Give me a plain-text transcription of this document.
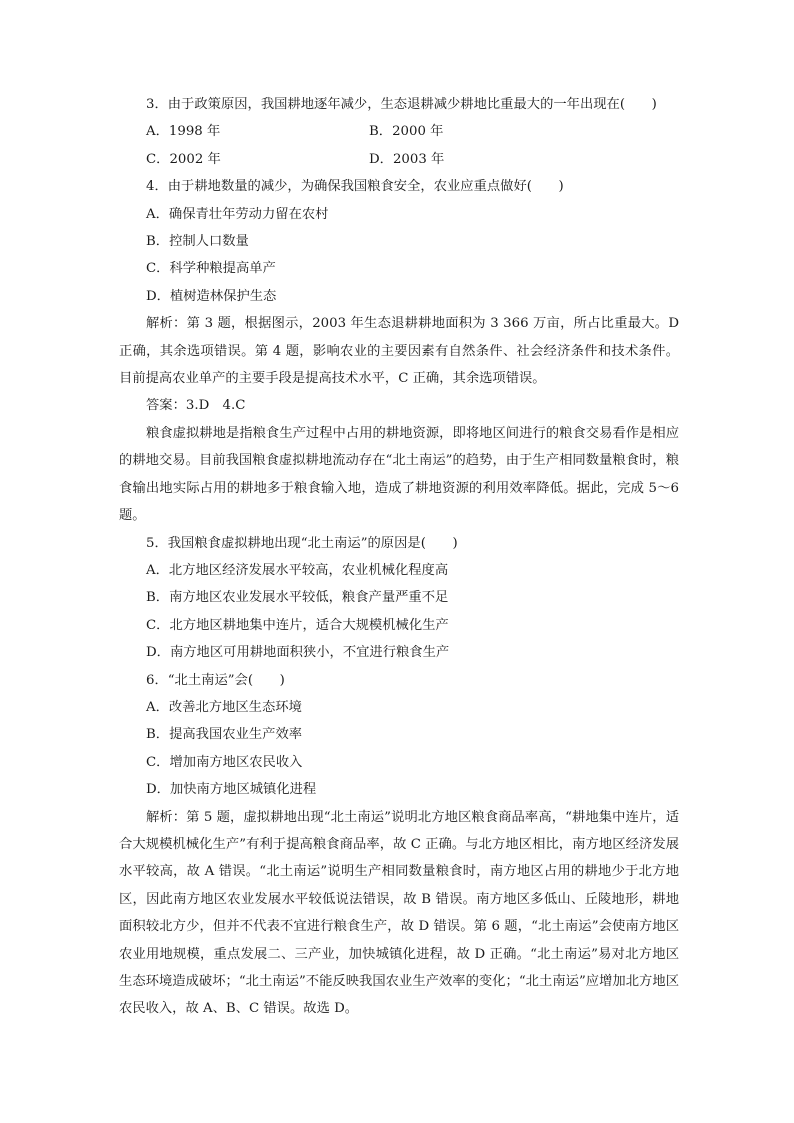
3．由于政策原因，我国耕地逐年减少，生态退耕减少耕地比重最大的一年出现在(　　)
A．1998 年	B．2000 年
C．2002 年	D．2003 年
4．由于耕地数量的减少，为确保我国粮食安全，农业应重点做好(　　)
A．确保青壮年劳动力留在农村
B．控制人口数量
C．科学种粮提高单产
D．植树造林保护生态

解析：第 3 题，根据图示，2003 年生态退耕耕地面积为 3 366 万亩，所占比重最大。D 正确，其余选项错误。第 4 题，影响农业的主要因素有自然条件、社会经济条件和技术条件。目前提高农业单产的主要手段是提高技术水平，C 正确，其余选项错误。

答案：3.D　4.C

粮食虚拟耕地是指粮食生产过程中占用的耕地资源，即将地区间进行的粮食交易看作是相应的耕地交易。目前我国粮食虚拟耕地流动存在“北土南运”的趋势，由于生产相同数量粮食时，粮食输出地实际占用的耕地多于粮食输入地，造成了耕地资源的利用效率降低。据此，完成 5～6 题。

5．我国粮食虚拟耕地出现“北土南运”的原因是(　　)
A．北方地区经济发展水平较高，农业机械化程度高
B．南方地区农业发展水平较低，粮食产量严重不足
C．北方地区耕地集中连片，适合大规模机械化生产
D．南方地区可用耕地面积狭小，不宜进行粮食生产
6．“北土南运”会(　　)
A．改善北方地区生态环境
B．提高我国农业生产效率
C．增加南方地区农民收入
D．加快南方地区城镇化进程

解析：第 5 题，虚拟耕地出现“北土南运”说明北方地区粮食商品率高，“耕地集中连片，适合大规模机械化生产”有利于提高粮食商品率，故 C 正确。与北方地区相比，南方地区经济发展水平较高，故 A 错误。“北土南运”说明生产相同数量粮食时，南方地区占用的耕地少于北方地区，因此南方地区农业发展水平较低说法错误，故 B 错误。南方地区多低山、丘陵地形，耕地面积较北方少，但并不代表不宜进行粮食生产，故 D 错误。第 6 题，“北土南运”会使南方地区农业用地规模，重点发展二、三产业，加快城镇化进程，故 D 正确。“北土南运”易对北方地区生态环境造成破坏；“北土南运”不能反映我国农业生产效率的变化；“北土南运”应增加北方地区农民收入，故 A、B、C 错误。故选 D。
